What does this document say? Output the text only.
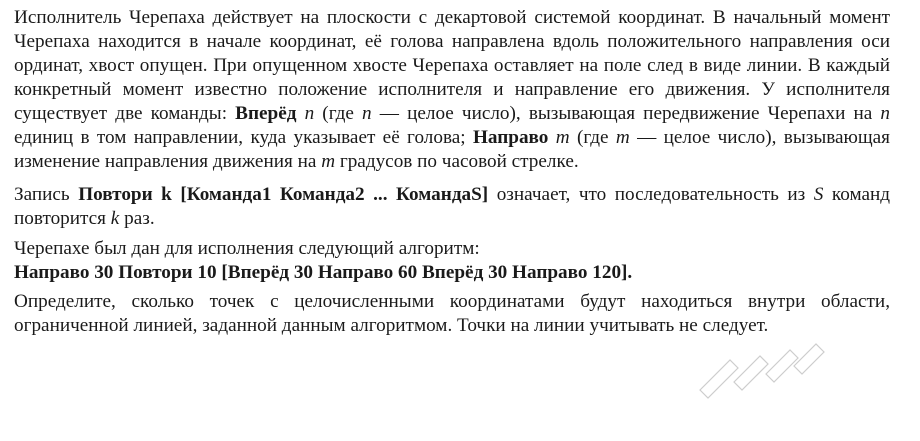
Исполнитель Черепаха действует на плоскости с декартовой системой координат. В начальный момент Черепаха находится в начале координат, её голова направлена вдоль положительного направления оси ординат, хвост опущен. При опущенном хвосте Черепаха оставляет на поле след в виде линии. В каждый конкретный момент известно положение исполнителя и направление его движения. У исполнителя существует две команды: Вперёд n (где n — целое число), вызывающая передвижение Черепахи на n единиц в том направлении, куда указывает её голова; Направо m (где m — целое число), вызывающая изменение направления движения на m градусов по часовой стрелке.

Запись Повтори k [Команда1 Команда2 ... КомандаS] означает, что последовательность из S команд повторится k раз.

Черепахе был дан для исполнения следующий алгоритм:

Направо 30 Повтори 10 [Вперёд 30 Направо 60 Вперёд 30 Направо 120].

Определите, сколько точек с целочисленными координатами будут находиться внутри области, ограниченной линией, заданной данным алгоритмом. Точки на линии учитывать не следует.
